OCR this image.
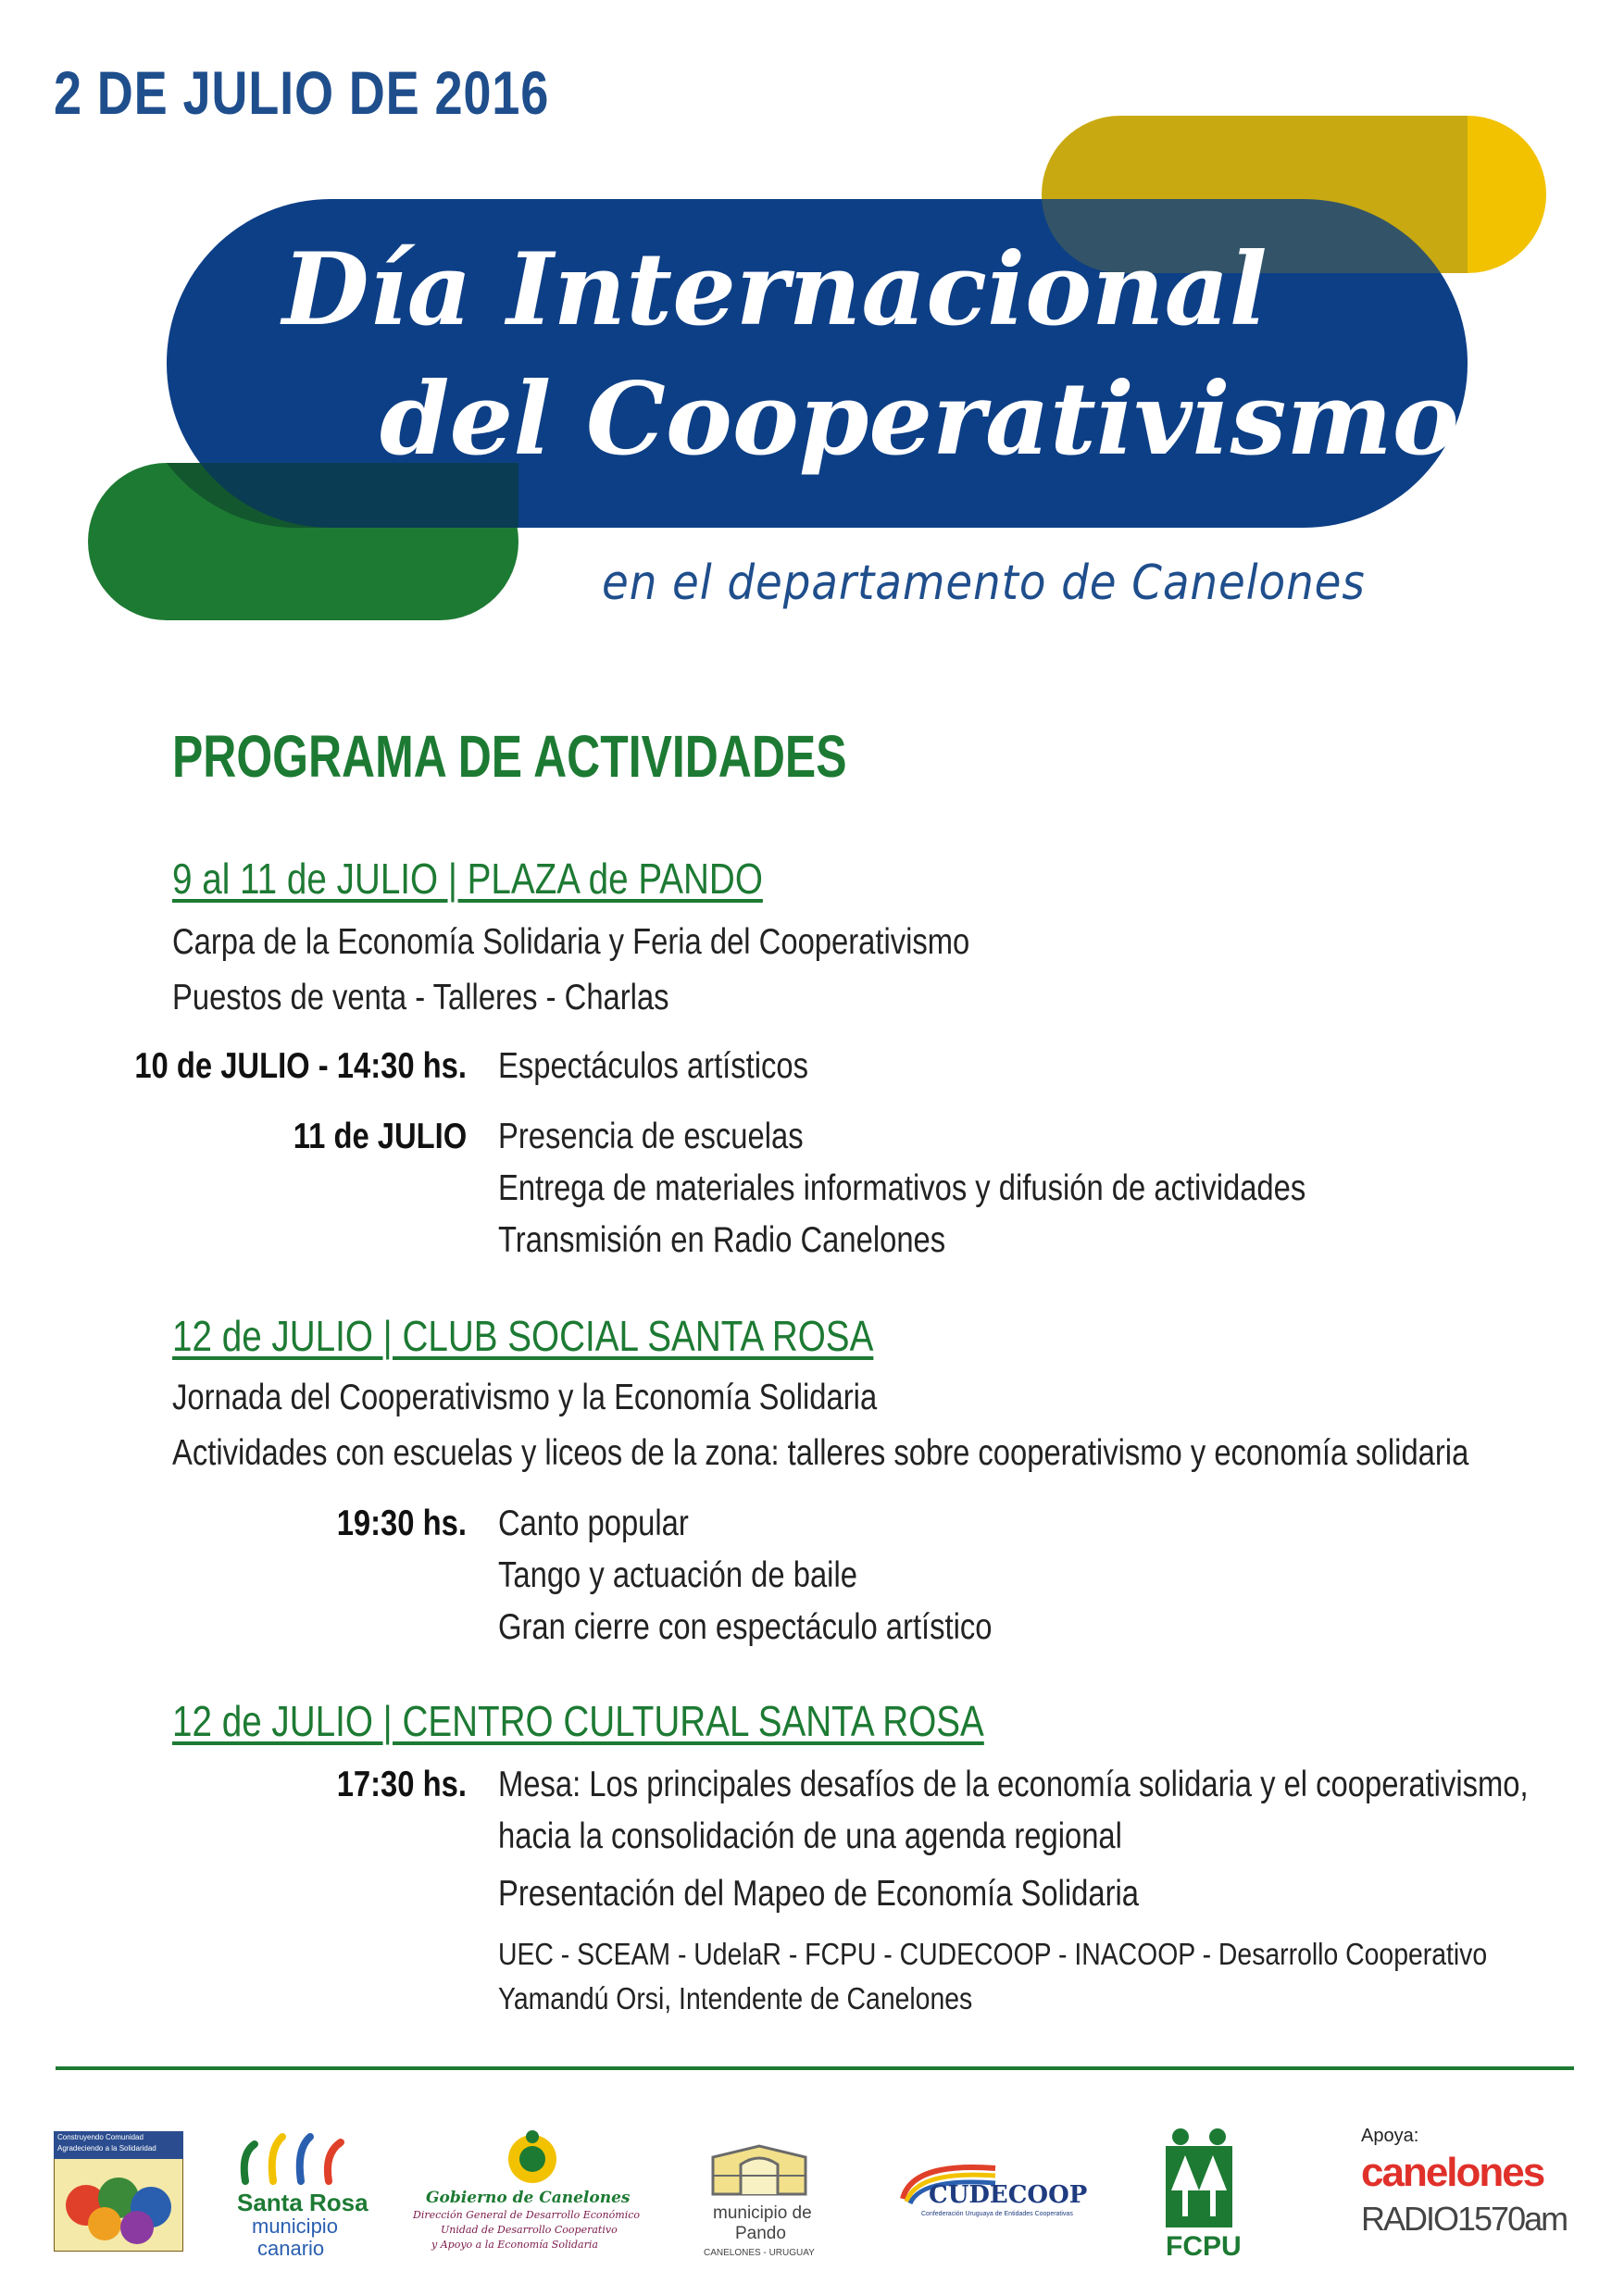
2 DE JULIO DE 2016
Día Internacional
del Cooperativismo
en el departamento de Canelones
PROGRAMA DE ACTIVIDADES
9 al 11 de JULIO | PLAZA de PANDO
Carpa de la Economía Solidaria y Feria del Cooperativismo
Puestos de venta - Talleres - Charlas
10 de JULIO - 14:30 hs. Espectáculos artísticos
11 de JULIO Presencia de escuelas
Entrega de materiales informativos y difusión de actividades
Transmisión en Radio Canelones
12 de JULIO | CLUB SOCIAL SANTA ROSA
Jornada del Cooperativismo y la Economía Solidaria
Actividades con escuelas y liceos de la zona: talleres sobre cooperativismo y economía solidaria
19:30 hs. Canto popular
Tango y actuación de baile
Gran cierre con espectáculo artístico
12 de JULIO | CENTRO CULTURAL SANTA ROSA
17:30 hs. Mesa: Los principales desafíos de la economía solidaria y el cooperativismo,
hacia la consolidación de una agenda regional
Presentación del Mapeo de Economía Solidaria
UEC - SCEAM - UdelaR - FCPU - CUDECOOP - INACOOP - Desarrollo Cooperativo
Yamandú Orsi, Intendente de Canelones
Construyendo Comunidad
Agradeciendo a la Solidaridad
Santa Rosa
municipio
canario
Gobierno de Canelones
Dirección General de Desarrollo Económico
Unidad de Desarrollo Cooperativo
y Apoyo a la Economía Solidaria
municipio de
Pando
CANELONES - URUGUAY
CUDECOOP
Confederación Uruguaya de Entidades Cooperativas
FCPU
Apoya:
canelones
RADIO1570am
